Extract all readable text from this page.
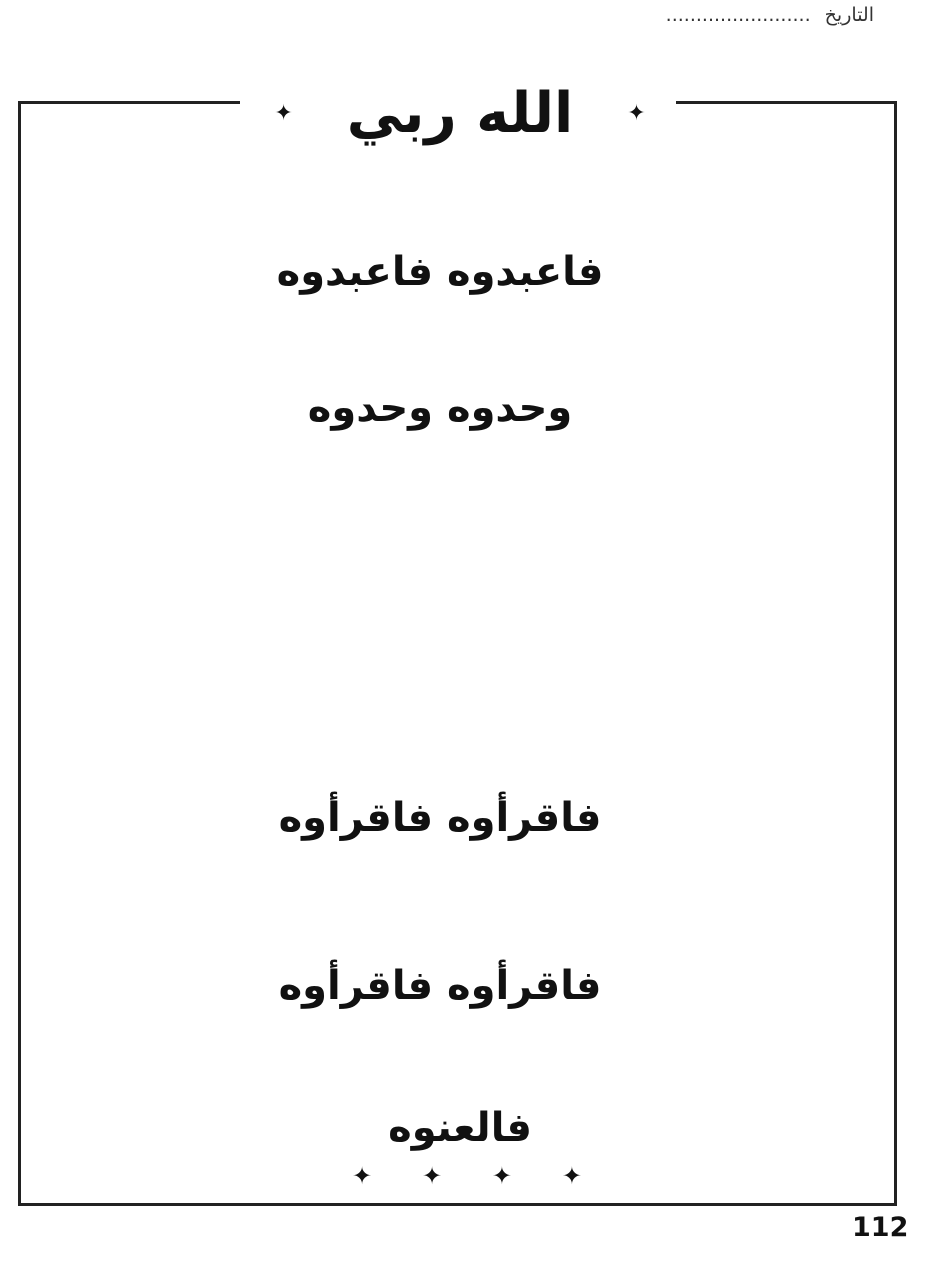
التاريخ ........................
✦
الله ربي
✦
فاعبدوه فاعبدوه
وحدوه وحدوه
فاقرأوه فاقرأوه
فاقرأوه فاقرأوه
فالعنوه
✦ ✦ ✦ ✦
112
